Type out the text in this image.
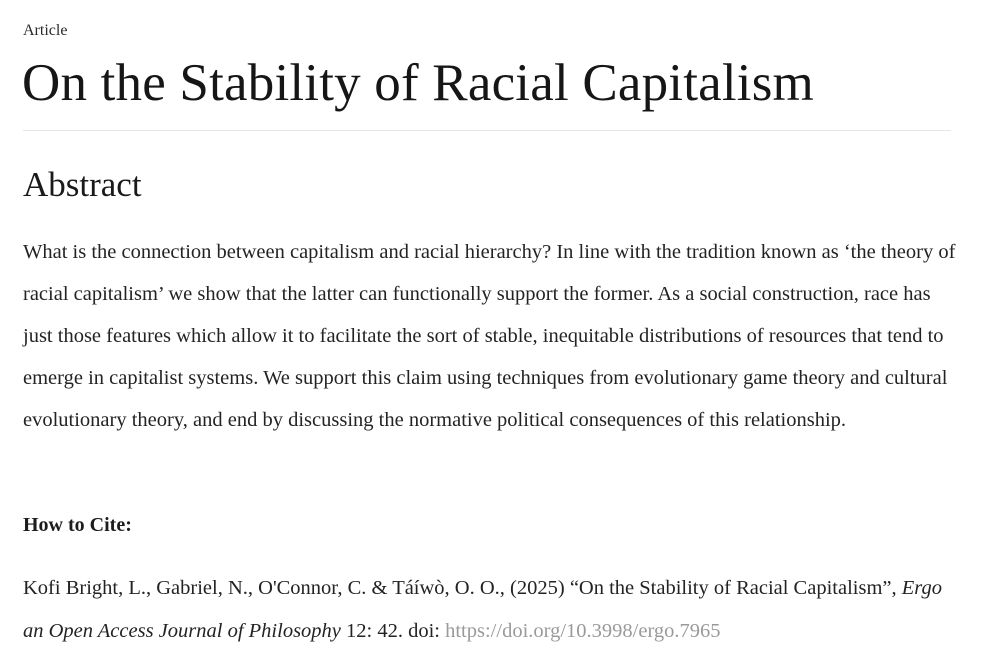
Article
On the Stability of Racial Capitalism
Abstract

What is the connection between capitalism and racial hierarchy? In line with the tradition known as ‘the theory of racial capitalism’ we show that the latter can functionally support the former. As a social construction, race has just those features which allow it to facilitate the sort of stable, inequitable distributions of resources that tend to emerge in capitalist systems. We support this claim using techniques from evolutionary game theory and cultural evolutionary theory, and end by discussing the normative political consequences of this relationship.

How to Cite:

Kofi Bright, L., Gabriel, N., O'Connor, C. & Táíwò, O. O., (2025) “On the Stability of Racial Capitalism”, Ergo an Open Access Journal of Philosophy 12: 42. doi: https://doi.org/10.3998/ergo.7965
